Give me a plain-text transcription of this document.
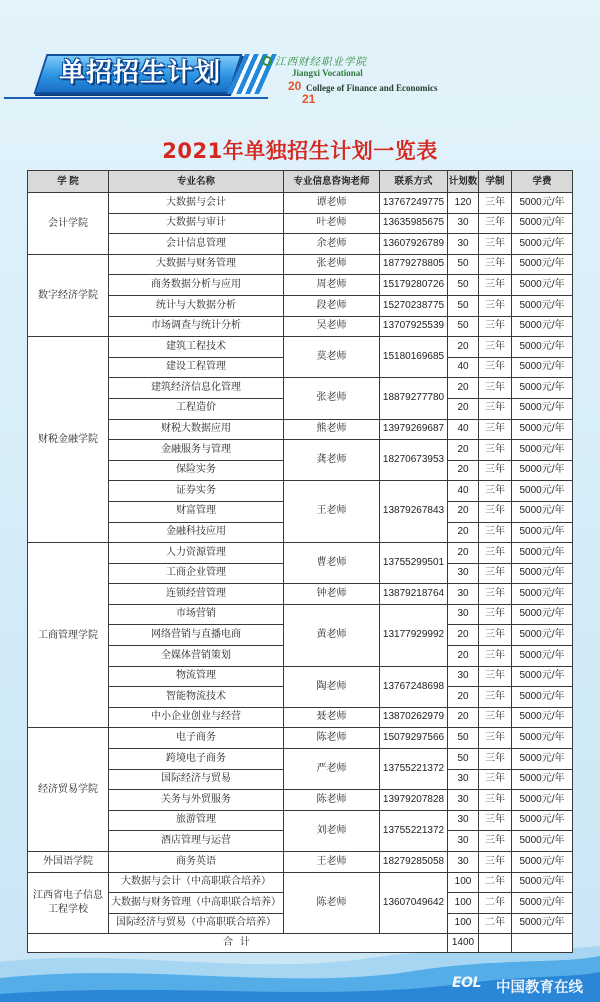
单招招生计划	江西财经职业学院
Jiangxi Vocational
20 College of Finance and Economics
21
2021年单独招生计划一览表
学 院	专业名称	专业信息咨询老师	联系方式	计划数	学制	学费
会计学院	大数据与会计	谭老师	13767249775	120	三年	5000元/年
	大数据与审计	叶老师	13635985675	30	三年	5000元/年
	会计信息管理	余老师	13607926789	30	三年	5000元/年
数字经济学院	大数据与财务管理	张老师	18779278805	50	三年	5000元/年
	商务数据分析与应用	周老师	15179280726	50	三年	5000元/年
	统计与大数据分析	段老师	15270238775	50	三年	5000元/年
	市场调查与统计分析	吴老师	13707925539	50	三年	5000元/年
财税金融学院	建筑工程技术	莫老师	15180169685	20	三年	5000元/年
	建设工程管理			40	三年	5000元/年
	建筑经济信息化管理	张老师	18879277780	20	三年	5000元/年
	工程造价			20	三年	5000元/年
	财税大数据应用	熊老师	13979269687	40	三年	5000元/年
	金融服务与管理	龚老师	18270673953	20	三年	5000元/年
	保险实务			20	三年	5000元/年
	证券实务	王老师	13879267843	40	三年	5000元/年
	财富管理			20	三年	5000元/年
	金融科技应用			20	三年	5000元/年
工商管理学院	人力资源管理	曹老师	13755299501	20	三年	5000元/年
	工商企业管理			30	三年	5000元/年
	连锁经营管理	钟老师	13879218764	30	三年	5000元/年
	市场营销	黄老师	13177929992	30	三年	5000元/年
	网络营销与直播电商			20	三年	5000元/年
	全媒体营销策划			20	三年	5000元/年
	物流管理	陶老师	13767248698	30	三年	5000元/年
	智能物流技术			20	三年	5000元/年
	中小企业创业与经营	聂老师	13870262979	20	三年	5000元/年
经济贸易学院	电子商务	陈老师	15079297566	50	三年	5000元/年
	跨境电子商务	严老师	13755221372	50	三年	5000元/年
	国际经济与贸易			30	三年	5000元/年
	关务与外贸服务	陈老师	13979207828	30	三年	5000元/年
	旅游管理	刘老师	13755221372	30	三年	5000元/年
	酒店管理与运营			30	三年	5000元/年
外国语学院	商务英语	王老师	18279285058	30	三年	5000元/年
江西省电子信息工程学校	大数据与会计（中高职联合培养）	陈老师	13607049642	100	二年	5000元/年
	大数据与财务管理（中高职联合培养）			100	二年	5000元/年
	国际经济与贸易（中高职联合培养）			100	二年	5000元/年
合 计				1400		
EOL 中国教育在线
